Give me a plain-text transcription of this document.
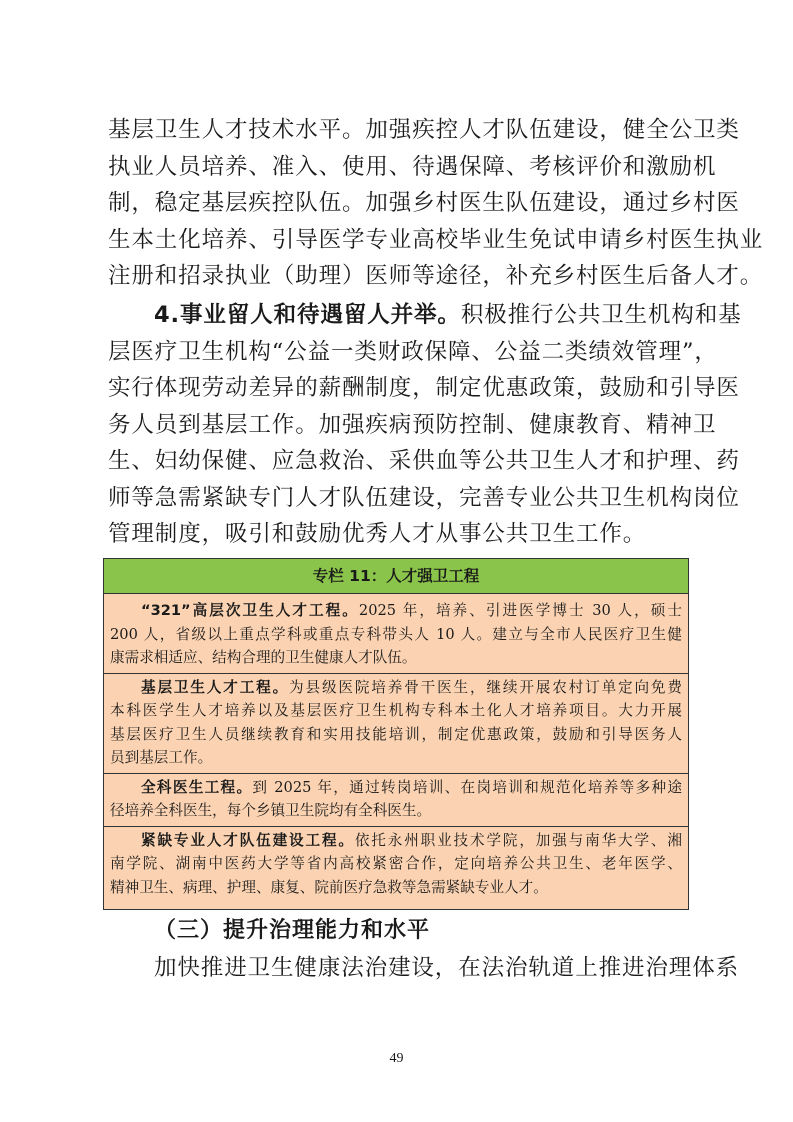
基层卫生人才技术水平。加强疾控人才队伍建设，健全公卫类
执业人员培养、准入、使用、待遇保障、考核评价和激励机
制，稳定基层疾控队伍。加强乡村医生队伍建设，通过乡村医
生本土化培养、引导医学专业高校毕业生免试申请乡村医生执业
注册和招录执业（助理）医师等途径，补充乡村医生后备人才。
4.事业留人和待遇留人并举。积极推行公共卫生机构和基
层医疗卫生机构“公益一类财政保障、公益二类绩效管理”，
实行体现劳动差异的薪酬制度，制定优惠政策，鼓励和引导医
务人员到基层工作。加强疾病预防控制、健康教育、精神卫
生、妇幼保健、应急救治、采供血等公共卫生人才和护理、药
师等急需紧缺专门人才队伍建设，完善专业公共卫生机构岗位
管理制度，吸引和鼓励优秀人才从事公共卫生工作。
专栏 11：人才强卫工程
“321”高层次卫生人才工程。2025 年，培养、引进医学博士 30 人，硕士
200 人，省级以上重点学科或重点专科带头人 10 人。建立与全市人民医疗卫生健
康需求相适应、结构合理的卫生健康人才队伍。
基层卫生人才工程。为县级医院培养骨干医生，继续开展农村订单定向免费
本科医学生人才培养以及基层医疗卫生机构专科本土化人才培养项目。大力开展
基层医疗卫生人员继续教育和实用技能培训，制定优惠政策，鼓励和引导医务人
员到基层工作。
全科医生工程。到 2025 年，通过转岗培训、在岗培训和规范化培养等多种途
径培养全科医生，每个乡镇卫生院均有全科医生。
紧缺专业人才队伍建设工程。依托永州职业技术学院，加强与南华大学、湘
南学院、湖南中医药大学等省内高校紧密合作，定向培养公共卫生、老年医学、
精神卫生、病理、护理、康复、院前医疗急救等急需紧缺专业人才。
（三）提升治理能力和水平
加快推进卫生健康法治建设，在法治轨道上推进治理体系
49
